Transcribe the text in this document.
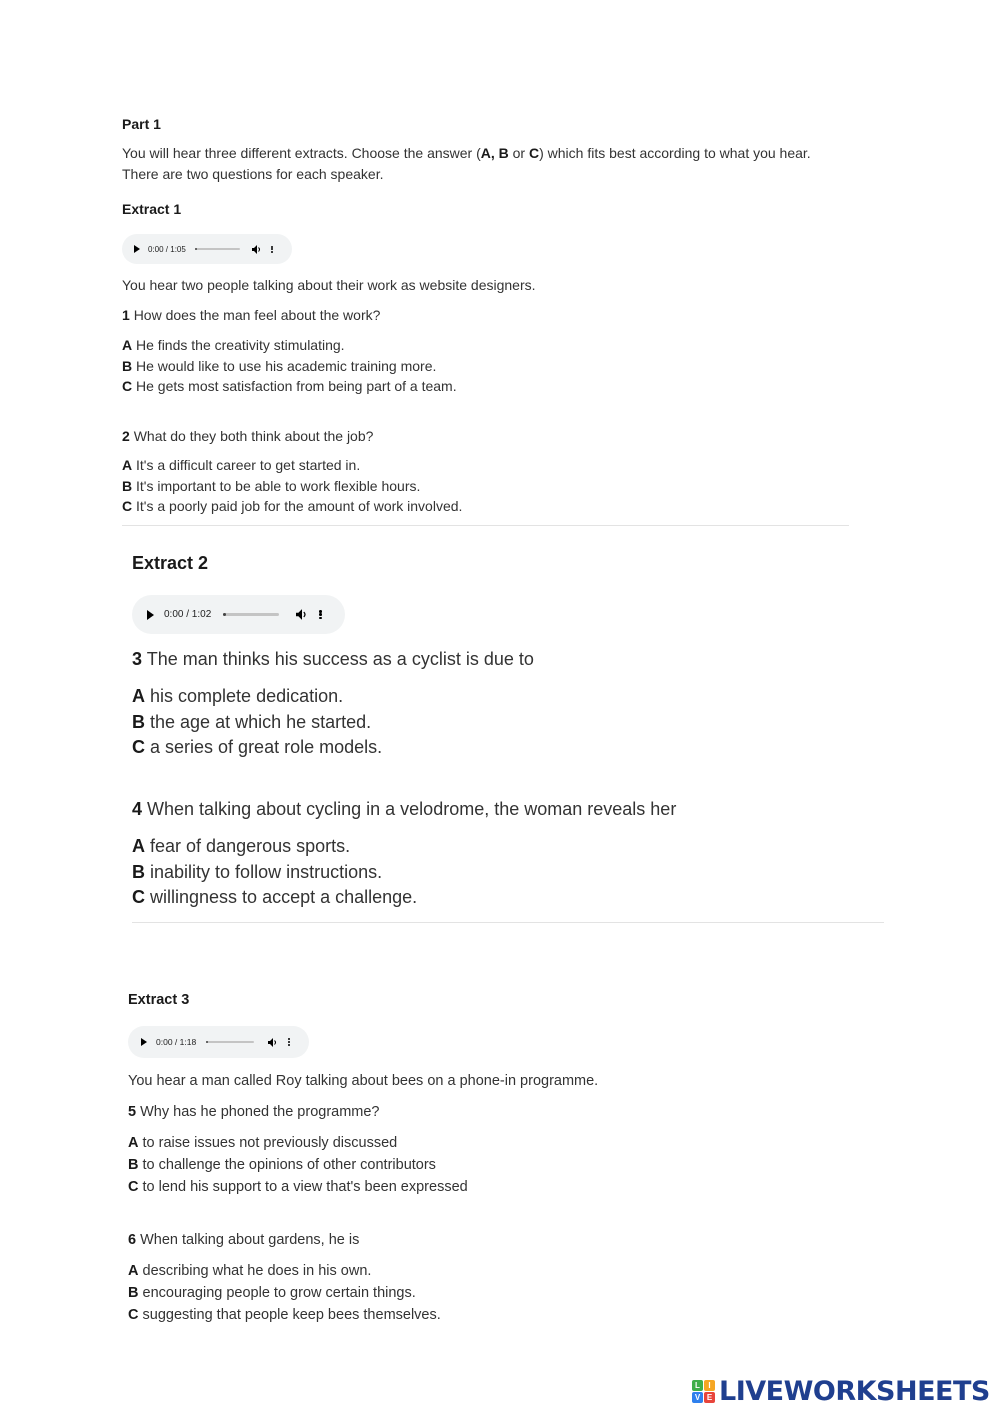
Part 1
You will hear three different extracts. Choose the answer (A, B or C) which fits best according to what you hear.
There are two questions for each speaker.
Extract 1
0:00 / 1:05
You hear two people talking about their work as website designers.
1 How does the man feel about the work?
A He finds the creativity stimulating.
B He would like to use his academic training more.
C He gets most satisfaction from being part of a team.
2 What do they both think about the job?
A It's a difficult career to get started in.
B It's important to be able to work flexible hours.
C It's a poorly paid job for the amount of work involved.
Extract 2
0:00 / 1:02
3 The man thinks his success as a cyclist is due to
A his complete dedication.
B the age at which he started.
C a series of great role models.
4 When talking about cycling in a velodrome, the woman reveals her
A fear of dangerous sports.
B inability to follow instructions.
C willingness to accept a challenge.
Extract 3
0:00 / 1:18
You hear a man called Roy talking about bees on a phone-in programme.
5 Why has he phoned the programme?
A to raise issues not previously discussed
B to challenge the opinions of other contributors
C to lend his support to a view that's been expressed
6 When talking about gardens, he is
A describing what he does in his own.
B encouraging people to grow certain things.
C suggesting that people keep bees themselves.
L	I
V E LIVEWORKSHEETS
